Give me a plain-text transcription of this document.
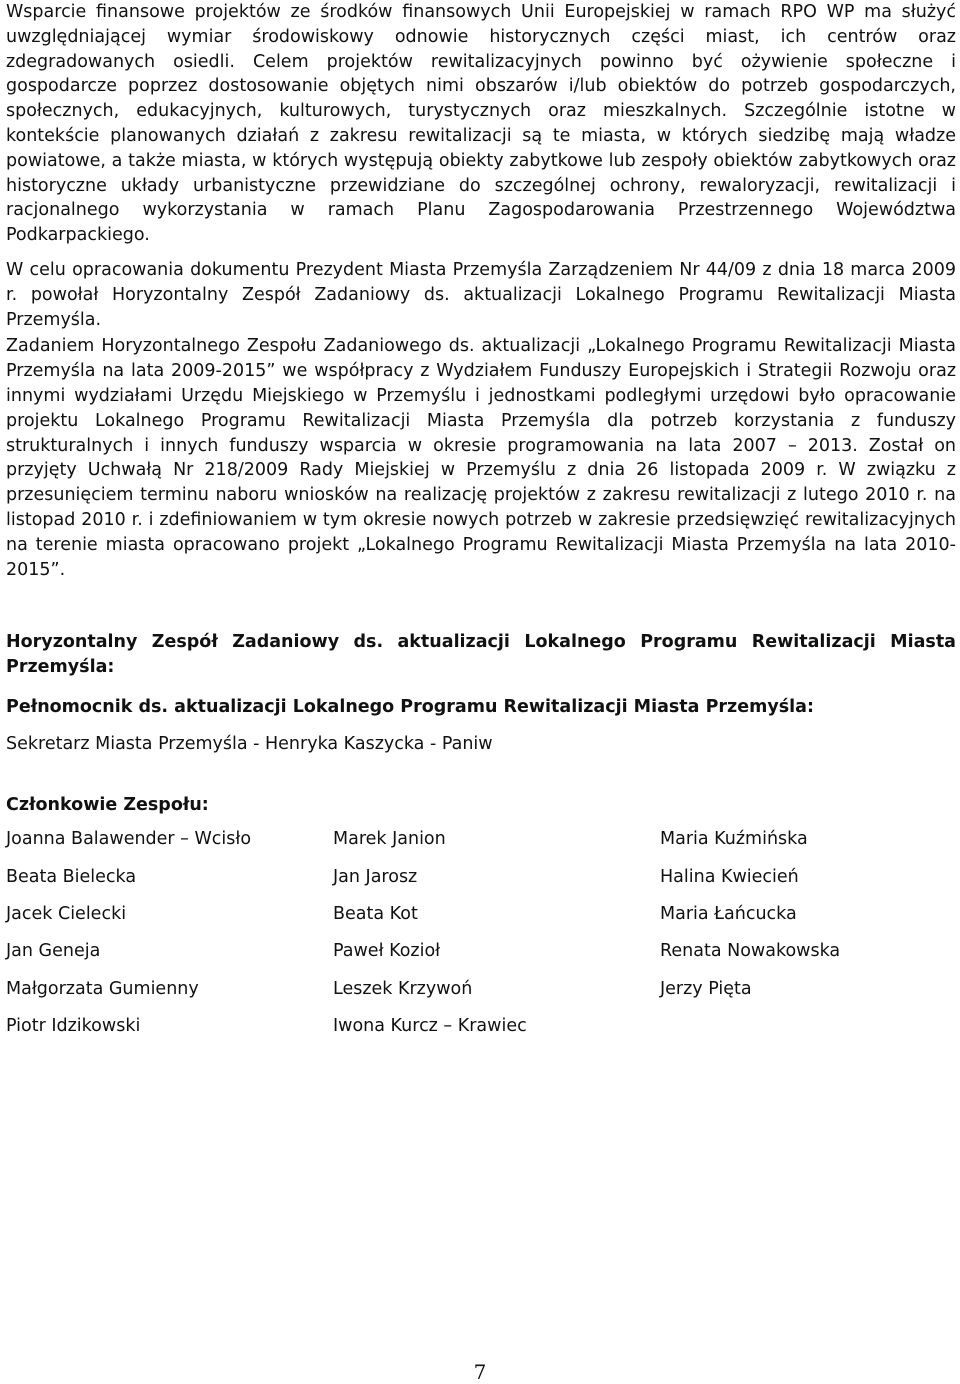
Wsparcie finansowe projektów ze środków finansowych Unii Europejskiej w ramach RPO WP ma służyć uwzględniającej wymiar środowiskowy odnowie historycznych części miast, ich centrów oraz zdegradowanych osiedli. Celem projektów rewitalizacyjnych powinno być ożywienie społeczne i gospodarcze poprzez dostosowanie objętych nimi obszarów i/lub obiektów do potrzeb gospodarczych, społecznych, edukacyjnych, kulturowych, turystycznych oraz mieszkalnych. Szczególnie istotne w kontekście planowanych działań z zakresu rewitalizacji są te miasta, w których siedzibę mają władze powiatowe, a także miasta, w których występują obiekty zabytkowe lub zespoły obiektów zabytkowych oraz historyczne układy urbanistyczne przewidziane do szczególnej ochrony, rewaloryzacji, rewitalizacji i racjonalnego wykorzystania w ramach Planu Zagospodarowania Przestrzennego Województwa Podkarpackiego.

W celu opracowania dokumentu Prezydent Miasta Przemyśla Zarządzeniem Nr 44/09 z dnia 18 marca 2009 r. powołał Horyzontalny Zespół Zadaniowy ds. aktualizacji Lokalnego Programu Rewitalizacji Miasta Przemyśla.

Zadaniem Horyzontalnego Zespołu Zadaniowego ds. aktualizacji „Lokalnego Programu Rewitalizacji Miasta Przemyśla na lata 2009-2015” we współpracy z Wydziałem Funduszy Europejskich i Strategii Rozwoju oraz innymi wydziałami Urzędu Miejskiego w Przemyślu i jednostkami podległymi urzędowi było opracowanie projektu Lokalnego Programu Rewitalizacji Miasta Przemyśla dla potrzeb korzystania z funduszy strukturalnych i innych funduszy wsparcia w okresie programowania na lata 2007 – 2013. Został on przyjęty Uchwałą Nr 218/2009 Rady Miejskiej w Przemyślu z dnia 26 listopada 2009 r. W związku z przesunięciem terminu naboru wniosków na realizację projektów z zakresu rewitalizacji z lutego 2010 r. na listopad 2010 r. i zdefiniowaniem w tym okresie nowych potrzeb w zakresie przedsięwzięć rewitalizacyjnych na terenie miasta opracowano projekt „Lokalnego Programu Rewitalizacji Miasta Przemyśla na lata 2010-2015”.

Horyzontalny Zespół Zadaniowy ds. aktualizacji Lokalnego Programu Rewitalizacji Miasta Przemyśla:

Pełnomocnik ds. aktualizacji Lokalnego Programu Rewitalizacji Miasta Przemyśla:

Sekretarz Miasta Przemyśla - Henryka Kaszycka - Paniw

Członkowie Zespołu:

Joanna Balawender – Wcisło	Marek Janion	Maria Kuźmińska
Beata Bielecka	Jan Jarosz	Halina Kwiecień
Jacek Cielecki	Beata Kot	Maria Łańcucka
Jan Geneja	Paweł Kozioł	Renata Nowakowska
Małgorzata Gumienny	Leszek Krzywoń	Jerzy Pięta
Piotr Idzikowski	Iwona Kurcz – Krawiec
7
